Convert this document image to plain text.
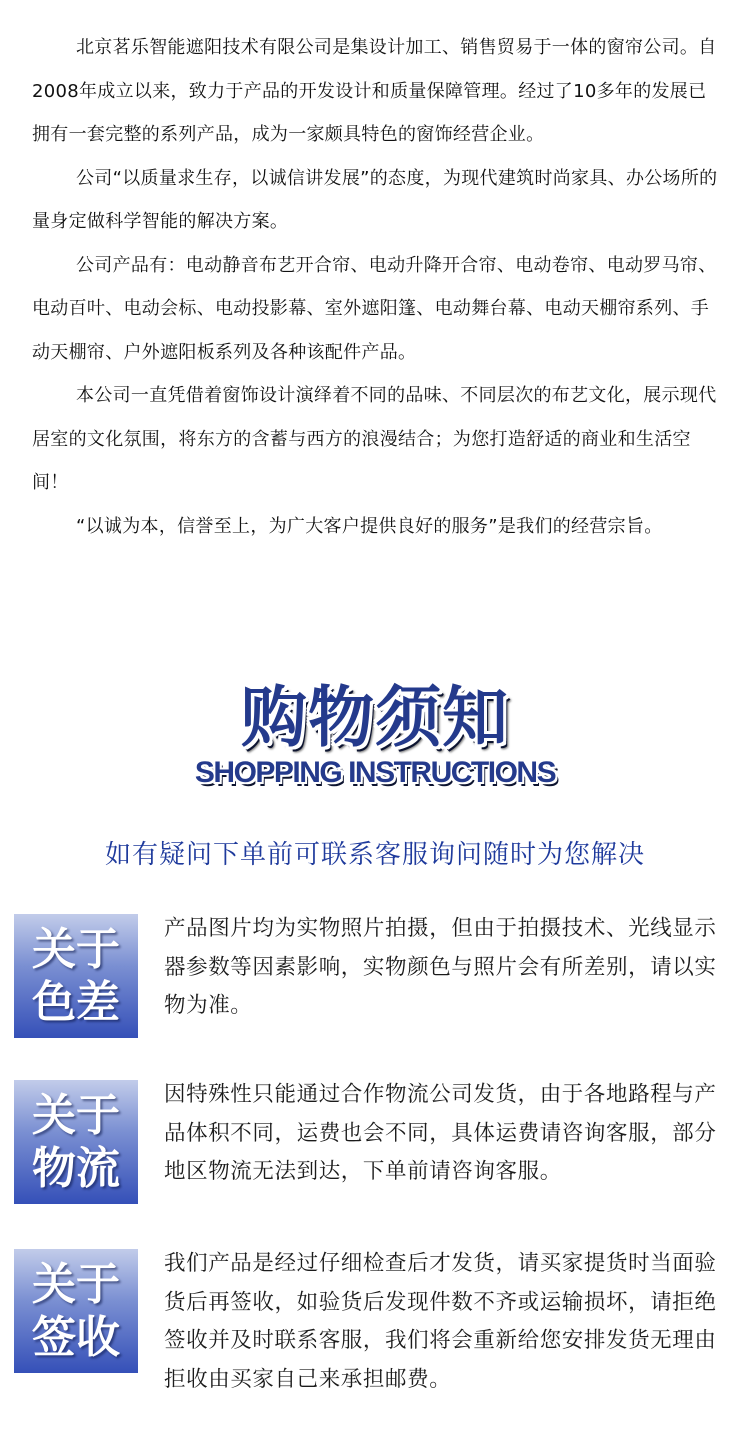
北京茗乐智能遮阳技术有限公司是集设计加工、销售贸易于一体的窗帘公司。自2008年成立以来，致力于产品的开发设计和质量保障管理。经过了10多年的发展已拥有一套完整的系列产品，成为一家颇具特色的窗饰经营企业。

公司“以质量求生存，以诚信讲发展”的态度，为现代建筑时尚家具、办公场所的量身定做科学智能的解决方案。

公司产品有：电动静音布艺开合帘、电动升降开合帘、电动卷帘、电动罗马帘、电动百叶、电动会标、电动投影幕、室外遮阳篷、电动舞台幕、电动天棚帘系列、手动天棚帘、户外遮阳板系列及各种该配件产品。

本公司一直凭借着窗饰设计演绎着不同的品味、不同层次的布艺文化，展示现代居室的文化氛围，将东方的含蓄与西方的浪漫结合；为您打造舒适的商业和生活空间！

“以诚为本，信誉至上，为广大客户提供良好的服务”是我们的经营宗旨。

购物须知
SHOPPING INSTRUCTIONS
如有疑问下单前可联系客服询问随时为您解决
关于
色差
产品图片均为实物照片拍摄，但由于拍摄技术、光线显示器参数等因素影响，实物颜色与照片会有所差别，请以实物为准。
关于
物流
因特殊性只能通过合作物流公司发货，由于各地路程与产品体积不同，运费也会不同，具体运费请咨询客服，部分地区物流无法到达，下单前请咨询客服。
关于
签收
我们产品是经过仔细检查后才发货，请买家提货时当面验货后再签收，如验货后发现件数不齐或运输损坏，请拒绝签收并及时联系客服，我们将会重新给您安排发货无理由拒收由买家自己来承担邮费。
